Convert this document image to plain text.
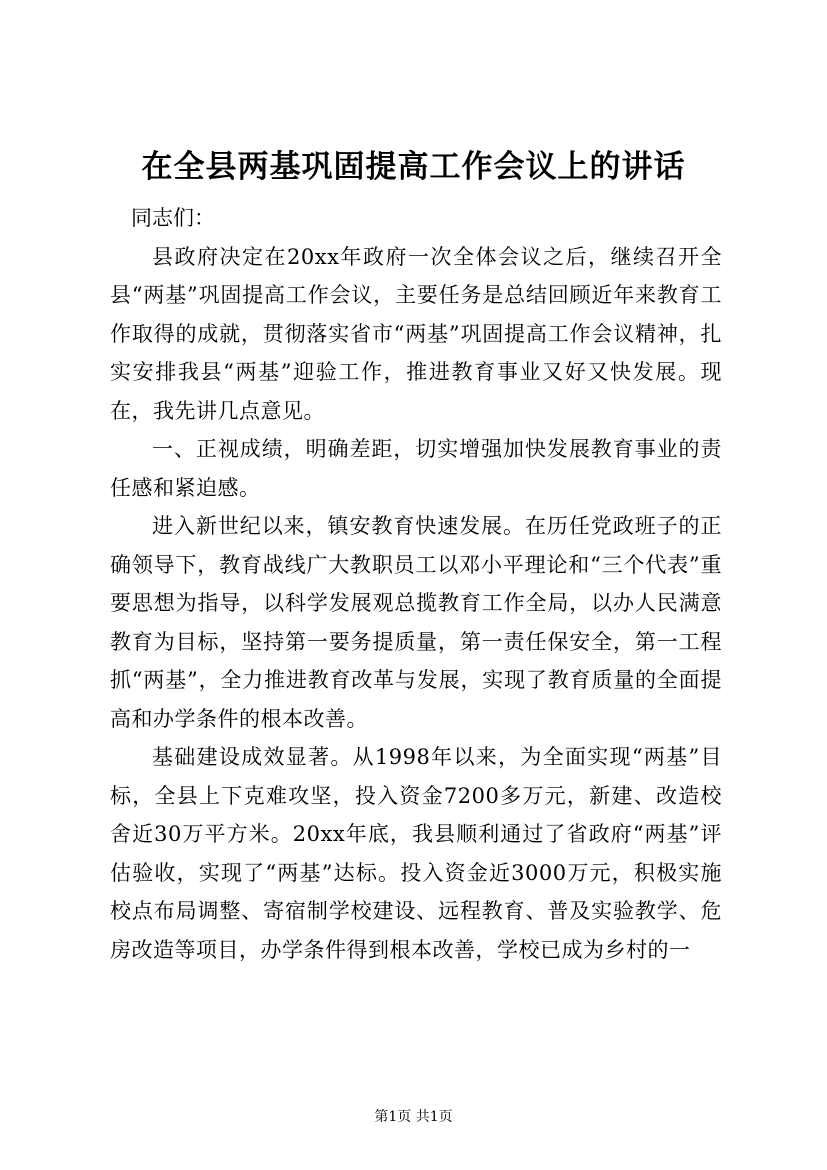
在全县两基巩固提高工作会议上的讲话

同志们：

县政府决定在20xx年政府一次全体会议之后，继续召开全县“两基”巩固提高工作会议，主要任务是总结回顾近年来教育工作取得的成就，贯彻落实省市“两基”巩固提高工作会议精神，扎实安排我县“两基”迎验工作，推进教育事业又好又快发展。现在，我先讲几点意见。

一、正视成绩，明确差距，切实增强加快发展教育事业的责任感和紧迫感。

进入新世纪以来，镇安教育快速发展。在历任党政班子的正确领导下，教育战线广大教职员工以邓小平理论和“三个代表”重要思想为指导，以科学发展观总揽教育工作全局，以办人民满意教育为目标，坚持第一要务提质量，第一责任保安全，第一工程抓“两基”，全力推进教育改革与发展，实现了教育质量的全面提高和办学条件的根本改善。

基础建设成效显著。从1998年以来，为全面实现“两基”目标，全县上下克难攻坚，投入资金7200多万元，新建、改造校舍近30万平方米。20xx年底，我县顺利通过了省政府“两基”评估验收，实现了“两基”达标。投入资金近3000万元，积极实施校点布局调整、寄宿制学校建设、远程教育、普及实验教学、危房改造等项目，办学条件得到根本改善，学校已成为乡村的一

第1页 共1页
